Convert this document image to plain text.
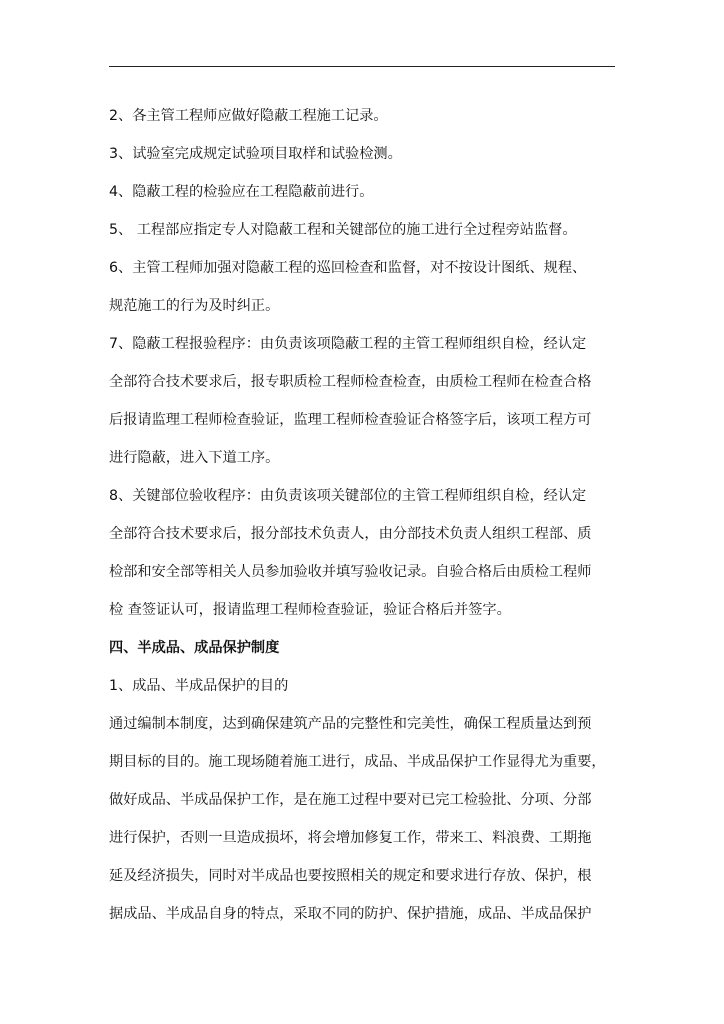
2、各主管工程师应做好隐蔽工程施工记录。
3、试验室完成规定试验项目取样和试验检测。
4、隐蔽工程的检验应在工程隐蔽前进行。
5、 工程部应指定专人对隐蔽工程和关键部位的施工进行全过程旁站监督。
6、主管工程师加强对隐蔽工程的巡回检查和监督，对不按设计图纸、规程、
规范施工的行为及时纠正。
7、隐蔽工程报验程序：由负责该项隐蔽工程的主管工程师组织自检，经认定
全部符合技术要求后，报专职质检工程师检查检查，由质检工程师在检查合格
后报请监理工程师检查验证，监理工程师检查验证合格签字后，该项工程方可
进行隐蔽，进入下道工序。
8、关键部位验收程序：由负责该项关键部位的主管工程师组织自检，经认定
全部符合技术要求后，报分部技术负责人，由分部技术负责人组织工程部、质
检部和安全部等相关人员参加验收并填写验收记录。自验合格后由质检工程师
检 查签证认可，报请监理工程师检查验证，验证合格后并签字。
四、半成品、成品保护制度
1、成品、半成品保护的目的
通过编制本制度，达到确保建筑产品的完整性和完美性，确保工程质量达到预
期目标的目的。施工现场随着施工进行，成品、半成品保护工作显得尤为重要，
做好成品、半成品保护工作，是在施工过程中要对已完工检验批、分项、分部
进行保护，否则一旦造成损坏，将会增加修复工作，带来工、料浪费、工期拖
延及经济损失，同时对半成品也要按照相关的规定和要求进行存放、保护，根
据成品、半成品自身的特点，采取不同的防护、保护措施，成品、半成品保护
